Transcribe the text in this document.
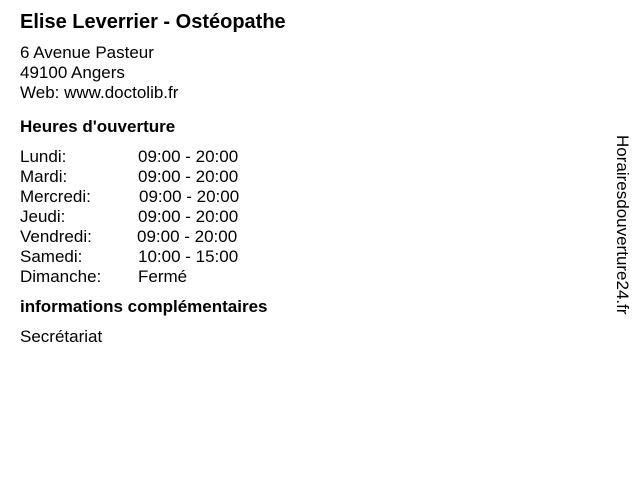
Elise Leverrier - Ostéopathe
6 Avenue Pasteur
49100 Angers
Web: www.doctolib.fr
Heures d'ouverture
Lundi:	09:00 - 20:00
Mardi:	09:00 - 20:00
Mercredi:	09:00 - 20:00
Jeudi:	09:00 - 20:00
Vendredi:	09:00 - 20:00
Samedi:	10:00 - 15:00
Dimanche:	Fermé
informations complémentaires
Secrétariat
Horairesdouverture24.fr
